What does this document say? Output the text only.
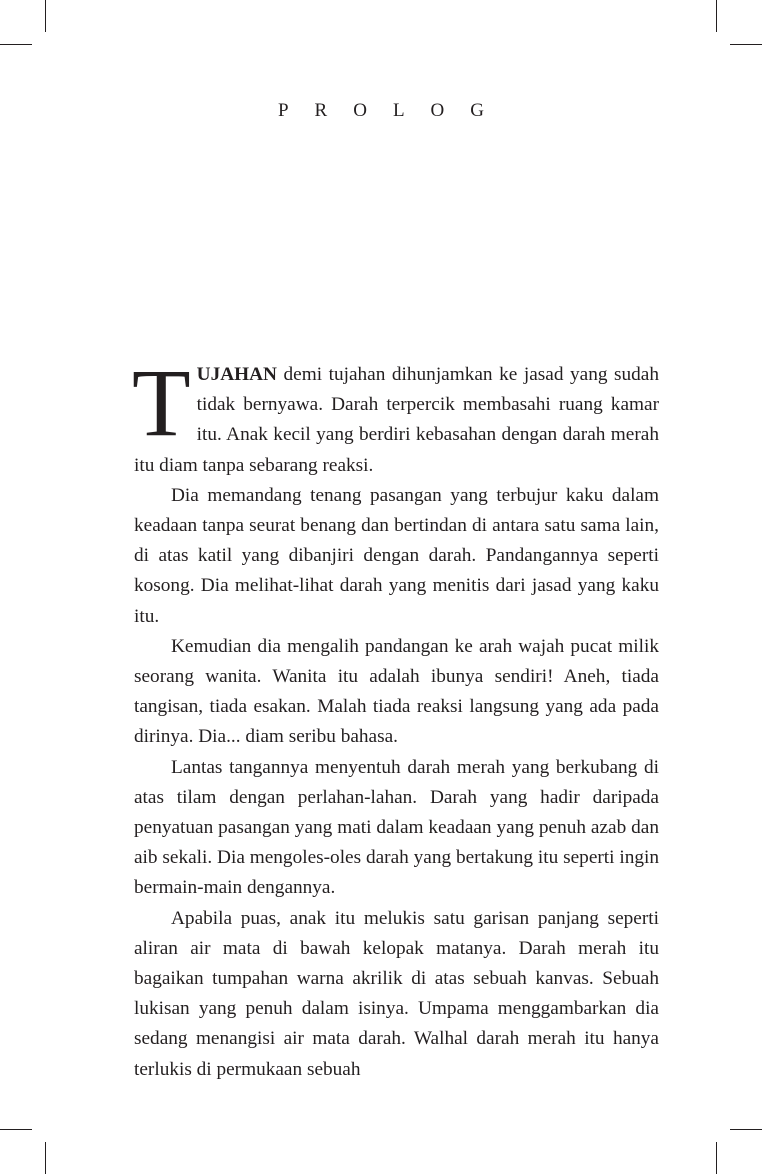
PROLOG

TUJAHAN demi tujahan dihunjamkan ke jasad yang sudah tidak bernyawa. Darah terpercik membasahi ruang kamar itu. Anak kecil yang berdiri kebasahan dengan darah merah itu diam tanpa sebarang reaksi.

Dia memandang tenang pasangan yang terbujur kaku dalam keadaan tanpa seurat benang dan bertindan di antara satu sama lain, di atas katil yang dibanjiri dengan darah. Pandangannya seperti kosong. Dia melihat-lihat darah yang menitis dari jasad yang kaku itu.

Kemudian dia mengalih pandangan ke arah wajah pucat milik seorang wanita. Wanita itu adalah ibunya sendiri! Aneh, tiada tangisan, tiada esakan. Malah tiada reaksi langsung yang ada pada dirinya. Dia... diam seribu bahasa.

Lantas tangannya menyentuh darah merah yang berkubang di atas tilam dengan perlahan-lahan. Darah yang hadir daripada penyatuan pasangan yang mati dalam keadaan yang penuh azab dan aib sekali. Dia mengoles-oles darah yang bertakung itu seperti ingin bermain-main dengannya.

Apabila puas, anak itu melukis satu garisan panjang seperti aliran air mata di bawah kelopak matanya. Darah merah itu bagaikan tumpahan warna akrilik di atas sebuah kanvas. Sebuah lukisan yang penuh dalam isinya. Umpama menggambarkan dia sedang menangisi air mata darah. Walhal darah merah itu hanya terlukis di permukaan sebuah
